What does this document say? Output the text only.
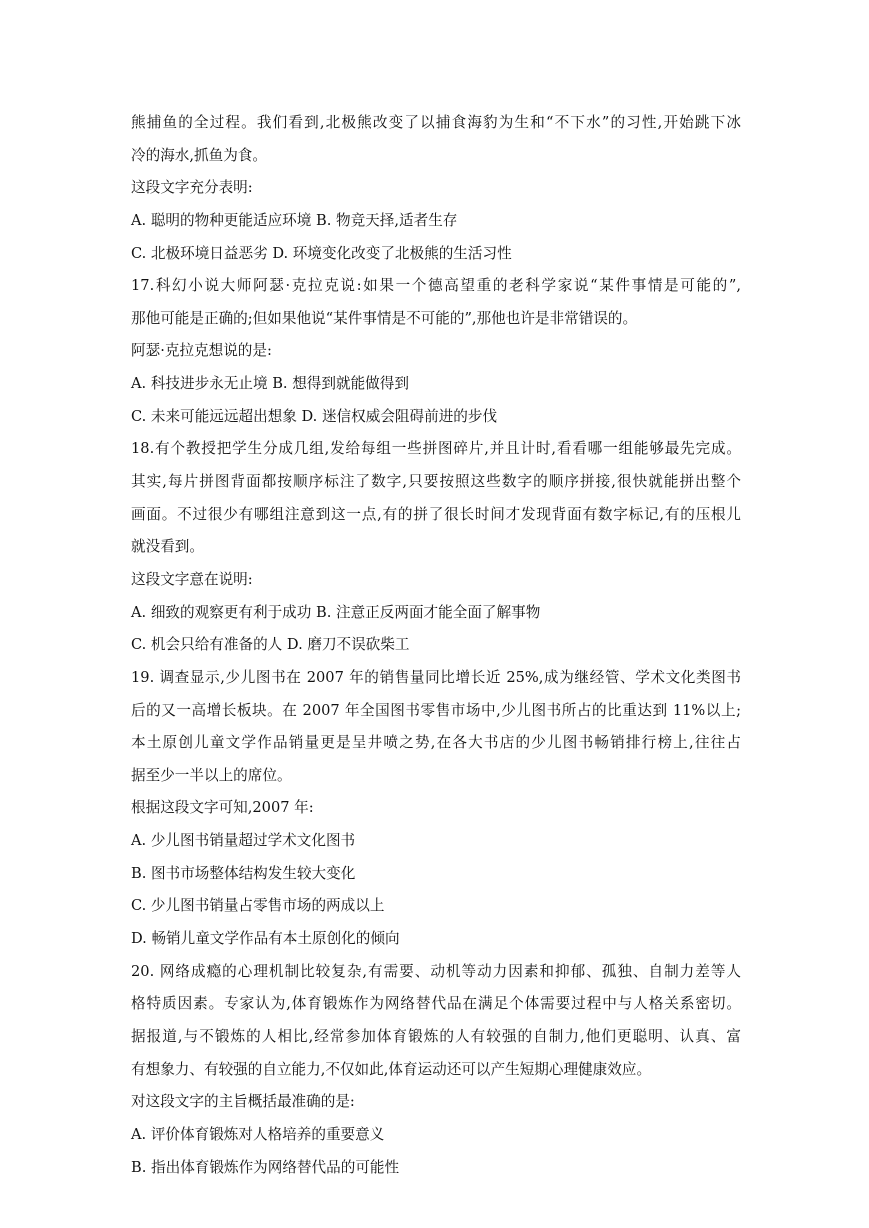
熊捕鱼的全过程。我们看到,北极熊改变了以捕食海豹为生和“不下水”的习性,开始跳下冰
冷的海水,抓鱼为食。
这段文字充分表明:
A. 聪明的物种更能适应环境 B. 物竞天择,适者生存
C. 北极环境日益恶劣 D. 环境变化改变了北极熊的生活习性
17.科幻小说大师阿瑟·克拉克说:如果一个德高望重的老科学家说“某件事情是可能的”,
那他可能是正确的;但如果他说“某件事情是不可能的”,那他也许是非常错误的。
阿瑟·克拉克想说的是:
A. 科技进步永无止境 B. 想得到就能做得到
C. 未来可能远远超出想象 D. 迷信权威会阻碍前进的步伐
18.有个教授把学生分成几组,发给每组一些拼图碎片,并且计时,看看哪一组能够最先完成。
其实,每片拼图背面都按顺序标注了数字,只要按照这些数字的顺序拼接,很快就能拼出整个
画面。不过很少有哪组注意到这一点,有的拼了很长时间才发现背面有数字标记,有的压根儿
就没看到。
这段文字意在说明:
A. 细致的观察更有利于成功 B. 注意正反两面才能全面了解事物
C. 机会只给有准备的人 D. 磨刀不误砍柴工
19. 调查显示,少儿图书在 2007 年的销售量同比增长近 25%,成为继经管、学术文化类图书
后的又一高增长板块。在 2007 年全国图书零售市场中,少儿图书所占的比重达到 11%以上;
本土原创儿童文学作品销量更是呈井喷之势,在各大书店的少儿图书畅销排行榜上,往往占
据至少一半以上的席位。
根据这段文字可知,2007 年:
A. 少儿图书销量超过学术文化图书
B. 图书市场整体结构发生较大变化
C. 少儿图书销量占零售市场的两成以上
D. 畅销儿童文学作品有本土原创化的倾向
20. 网络成瘾的心理机制比较复杂,有需要、动机等动力因素和抑郁、孤独、自制力差等人
格特质因素。专家认为,体育锻炼作为网络替代品在满足个体需要过程中与人格关系密切。
据报道,与不锻炼的人相比,经常参加体育锻炼的人有较强的自制力,他们更聪明、认真、富
有想象力、有较强的自立能力,不仅如此,体育运动还可以产生短期心理健康效应。
对这段文字的主旨概括最准确的是:
A. 评价体育锻炼对人格培养的重要意义
B. 指出体育锻炼作为网络替代品的可能性
